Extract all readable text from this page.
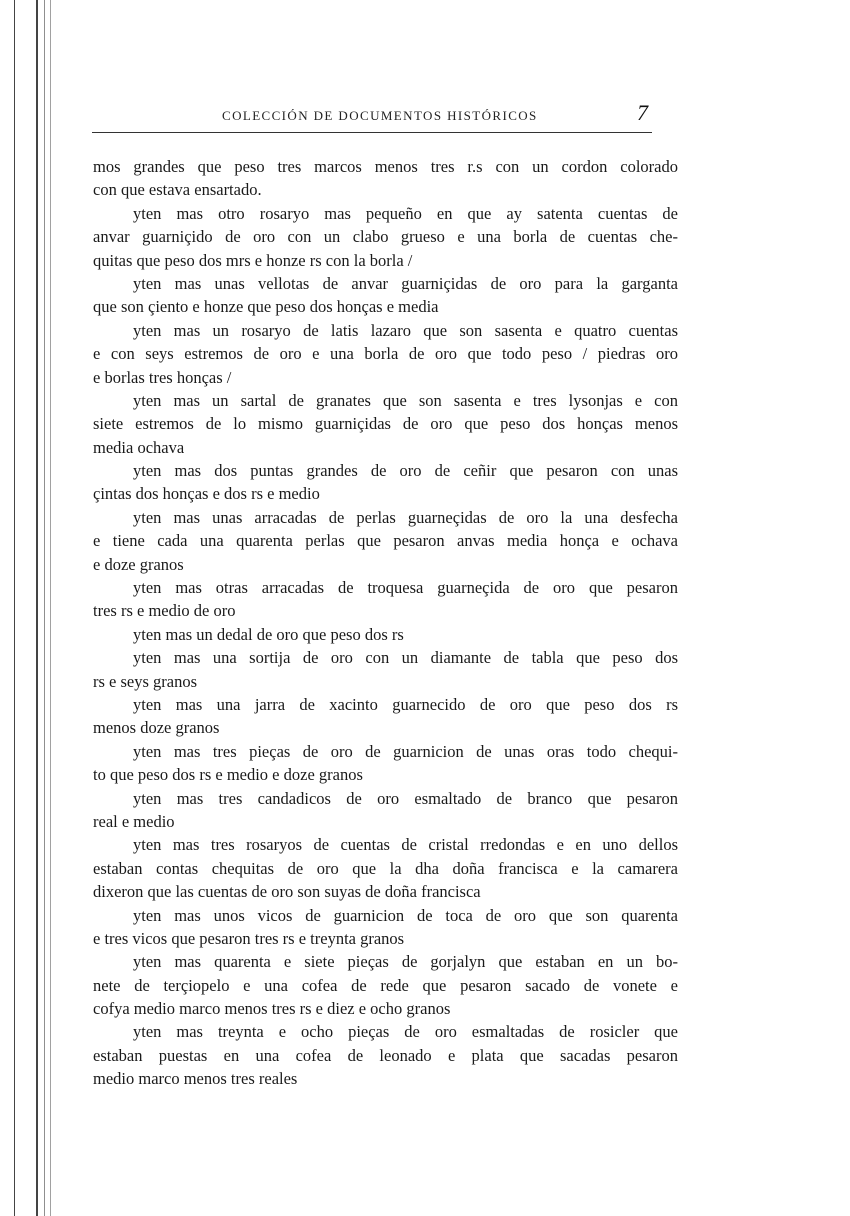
COLECCIÓN DE DOCUMENTOS HISTÓRICOS	7
mos grandes que peso tres marcos menos tres r.s con un cordon colorado
con que estava ensartado.
yten mas otro rosaryo mas pequeño en que ay satenta cuentas de
anvar guarniçido de oro con un clabo grueso e una borla de cuentas che-
quitas que peso dos mrs e honze rs con la borla /
yten mas unas vellotas de anvar guarniçidas de oro para la garganta
que son çiento e honze que peso dos honças e media
yten mas un rosaryo de latis lazaro que son sasenta e quatro cuentas
e con seys estremos de oro e una borla de oro que todo peso / piedras oro
e borlas tres honças /
yten mas un sartal de granates que son sasenta e tres lysonjas e con
siete estremos de lo mismo guarniçidas de oro que peso dos honças menos
media ochava
yten mas dos puntas grandes de oro de ceñir que pesaron con unas
çintas dos honças e dos rs e medio
yten mas unas arracadas de perlas guarneçidas de oro la una desfecha
e tiene cada una quarenta perlas que pesaron anvas media honça e ochava
e doze granos
yten mas otras arracadas de troquesa guarneçida de oro que pesaron
tres rs e medio de oro
yten mas un dedal de oro que peso dos rs
yten mas una sortija de oro con un diamante de tabla que peso dos
rs e seys granos
yten mas una jarra de xacinto guarnecido de oro que peso dos rs
menos doze granos
yten mas tres pieças de oro de guarnicion de unas oras todo chequi-
to que peso dos rs e medio e doze granos
yten mas tres candadicos de oro esmaltado de branco que pesaron
real e medio
yten mas tres rosaryos de cuentas de cristal rredondas e en uno dellos
estaban contas chequitas de oro que la dha doña francisca e la camarera
dixeron que las cuentas de oro son suyas de doña francisca
yten mas unos vicos de guarnicion de toca de oro que son quarenta
e tres vicos que pesaron tres rs e treynta granos
yten mas quarenta e siete pieças de gorjalyn que estaban en un bo-
nete de terçiopelo e una cofea de rede que pesaron sacado de vonete e
cofya medio marco menos tres rs e diez e ocho granos
yten mas treynta e ocho pieças de oro esmaltadas de rosicler que
estaban puestas en una cofea de leonado e plata que sacadas pesaron
medio marco menos tres reales
